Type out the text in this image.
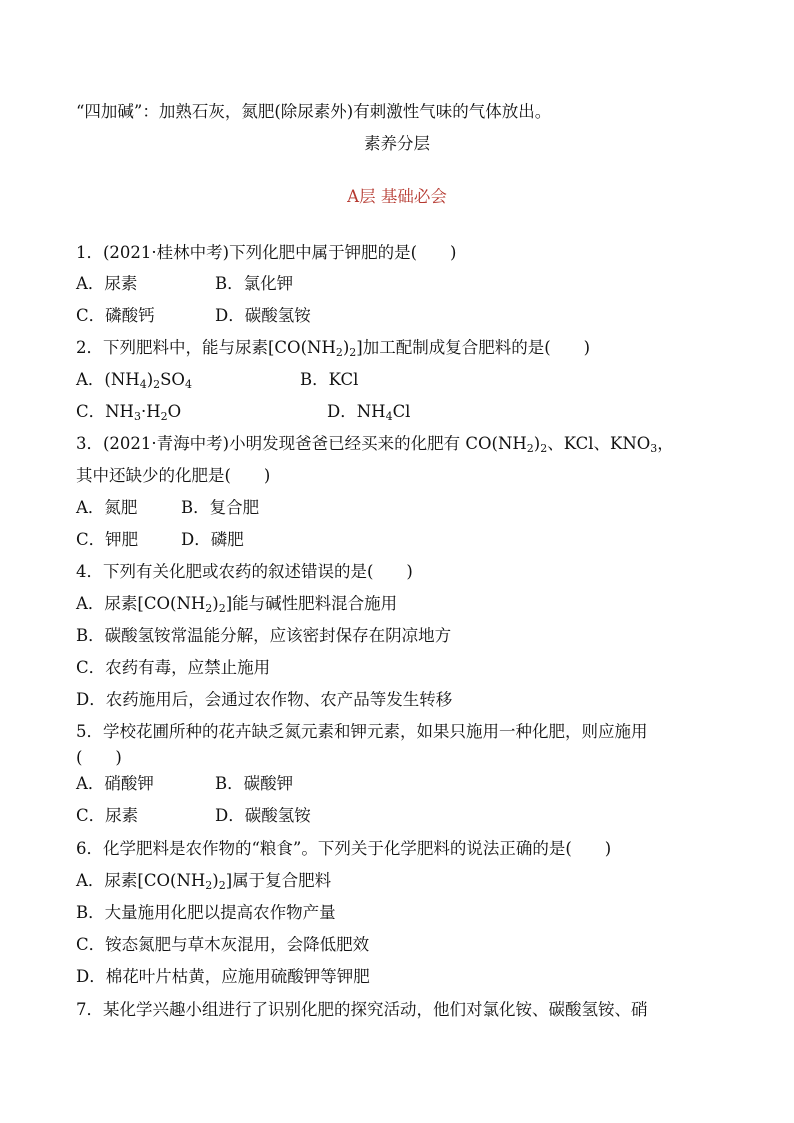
“四加碱”：加熟石灰，氮肥(除尿素外)有刺激性气味的气体放出。
素养分层
A层 基础必会
1．(2021·桂林中考)下列化肥中属于钾肥的是(　　)
A．尿素	B．氯化钾
C．磷酸钙	D．碳酸氢铵
2．下列肥料中，能与尿素$[CO(NH_2)_2]$加工配制成复合肥料的是(　　)
A．$(NH_4)_2SO_4$	B．KCl
C．$NH_3\cdot H_2O$	D．$NH_4Cl$
3．(2021·青海中考)小明发现爸爸已经买来的化肥有 $CO(NH_2)_2$、KCl、$KNO_3$，
其中还缺少的化肥是(　　)
A．氮肥	B．复合肥
C．钾肥	D．磷肥
4．下列有关化肥或农药的叙述错误的是(　　)
A．尿素$[CO(NH_2)_2]$能与碱性肥料混合施用
B．碳酸氢铵常温能分解，应该密封保存在阴凉地方
C．农药有毒，应禁止施用
D．农药施用后，会通过农作物、农产品等发生转移
5．学校花圃所种的花卉缺乏氮元素和钾元素，如果只施用一种化肥，则应施用
(　　)
A．硝酸钾	B．碳酸钾
C．尿素	D．碳酸氢铵
6．化学肥料是农作物的“粮食”。下列关于化学肥料的说法正确的是(　　)
A．尿素$[CO(NH_2)_2]$属于复合肥料
B．大量施用化肥以提高农作物产量
C．铵态氮肥与草木灰混用，会降低肥效
D．棉花叶片枯黄，应施用硫酸钾等钾肥
7．某化学兴趣小组进行了识别化肥的探究活动，他们对氯化铵、碳酸氢铵、硝
